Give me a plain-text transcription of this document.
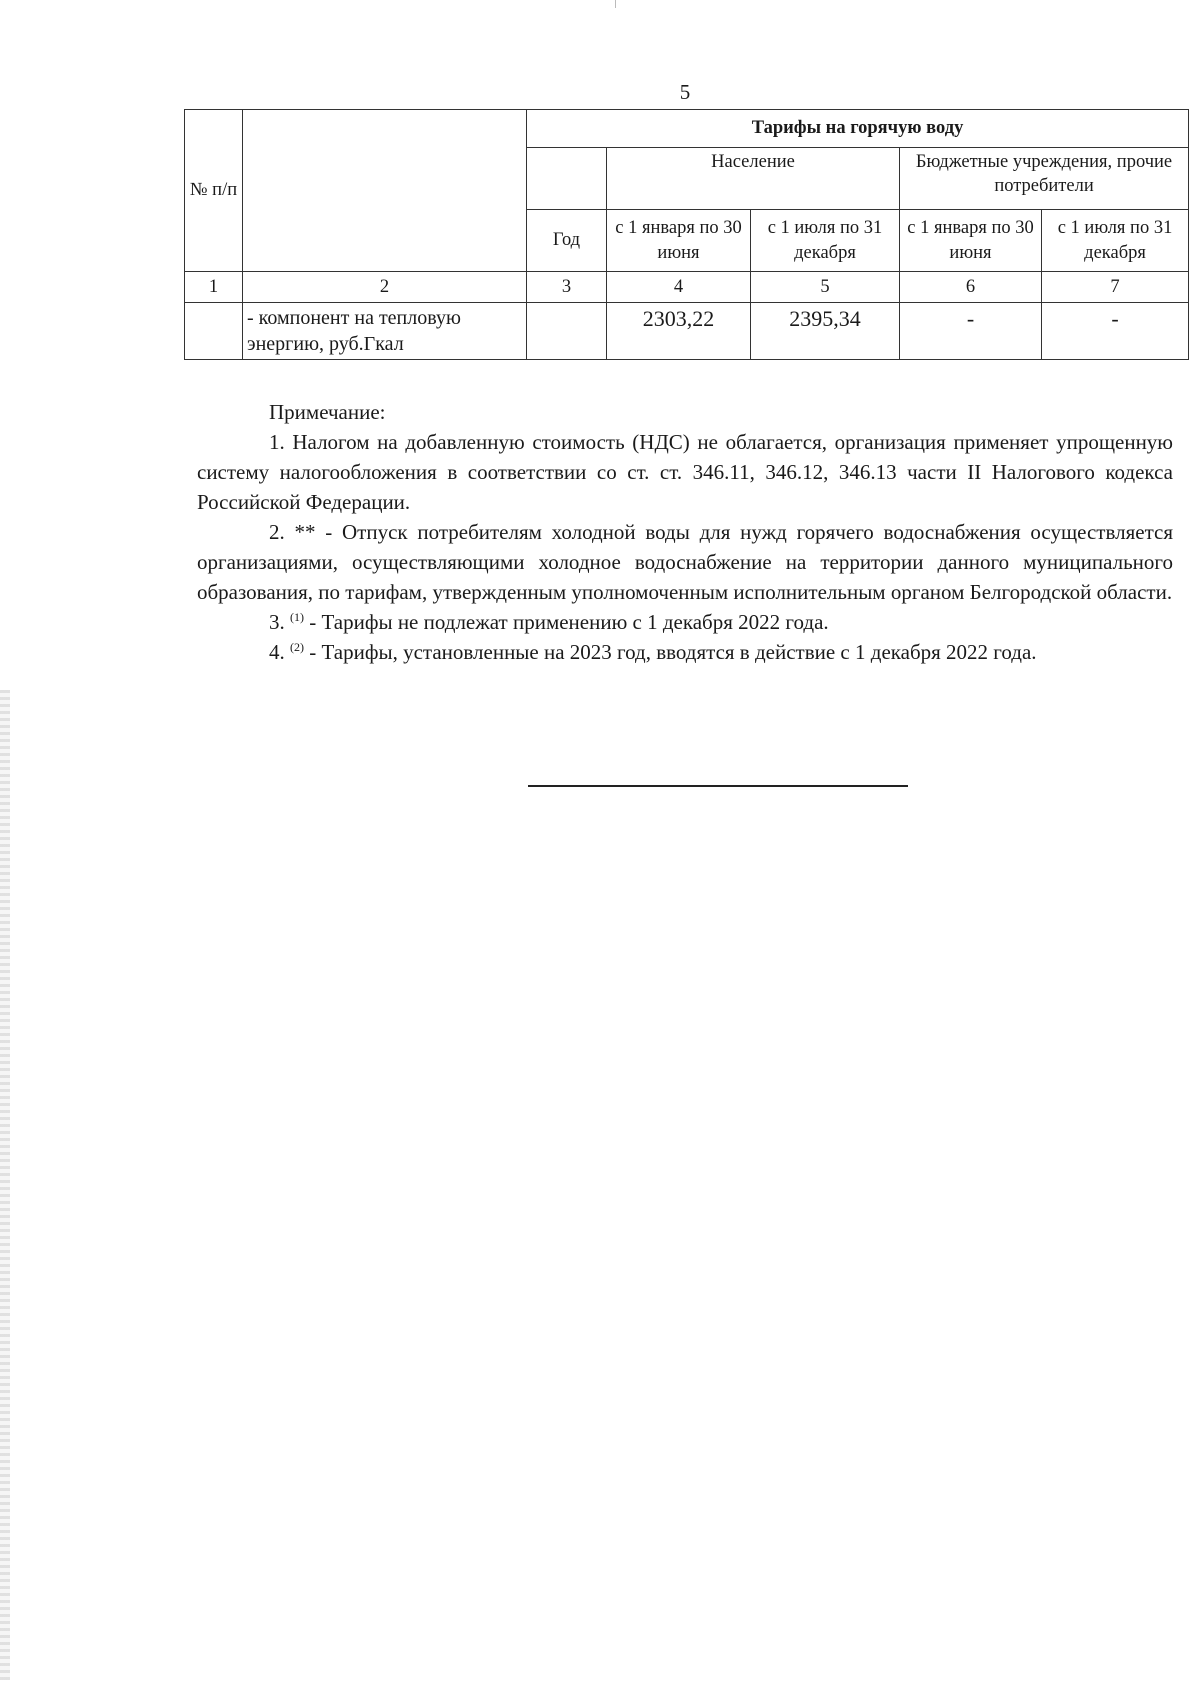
5
№ п/п		Тарифы на горячую воду				
			Население		Бюджетные учреждения, прочие потребители	
		Год	с 1 января по 30 июня	с 1 июля по 31 декабря	с 1 января по 30 июня	с 1 июля по 31 декабря
1	2	3	4	5	6	7
	- компонент на тепловую энергию, руб.Гкал		2303,22	2395,34	-	-

Примечание:

1. Налогом на добавленную стоимость (НДС) не облагается, организация применяет упрощенную систему налогообложения в соответствии со ст. ст. 346.11, 346.12, 346.13 части II Налогового кодекса Российской Федерации.

2. ** - Отпуск потребителям холодной воды для нужд горячего водоснабжения осуществляется организациями, осуществляющими холодное водоснабжение на территории данного муниципального образования, по тарифам, утвержденным уполномоченным исполнительным органом Белгородской области.

3. $^{(1)}$ - Тарифы не подлежат применению с 1 декабря 2022 года.

4. $^{(2)}$ - Тарифы, установленные на 2023 год, вводятся в действие с 1 декабря 2022 года.
